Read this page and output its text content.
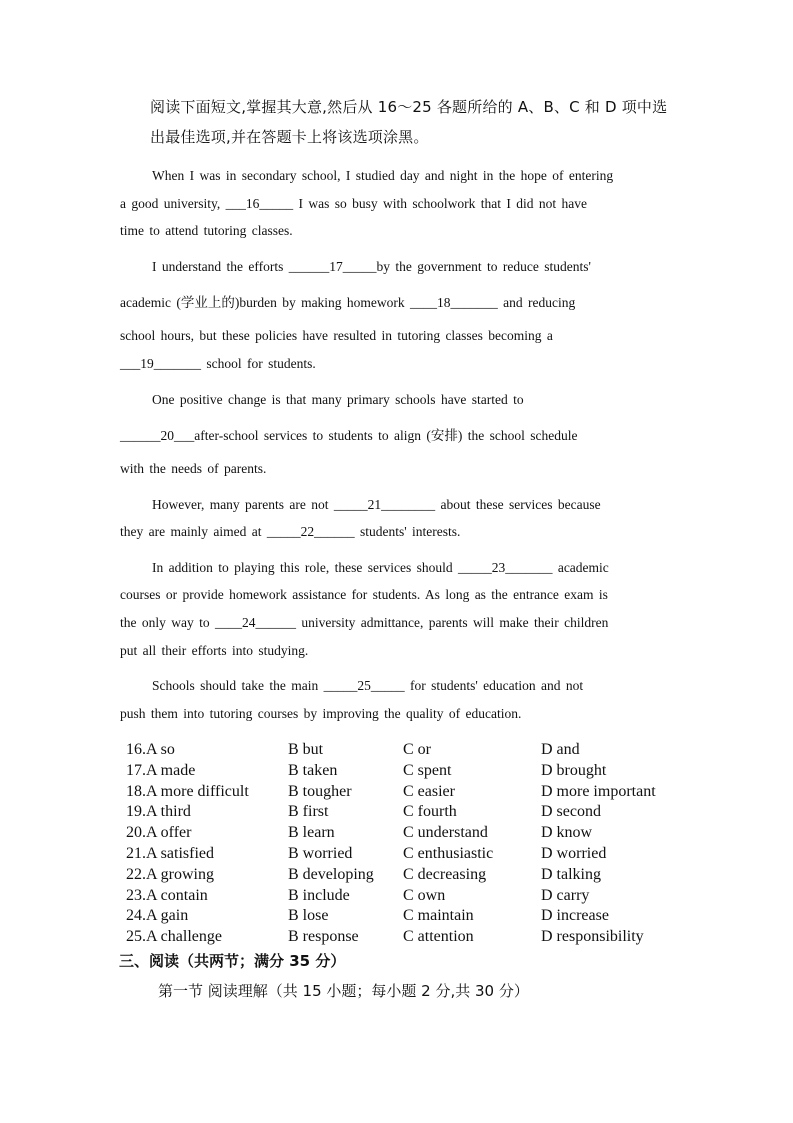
阅读下面短文,掌握其大意,然后从 16～25 各题所给的 A、B、C 和 D 项中选
出最佳选项,并在答题卡上将该选项涂黑。
When I was in secondary school, I studied day and night in the hope of entering
a good university, ___16_____ I was so busy with schoolwork that I did not have
time to attend tutoring classes.
I understand the efforts ______17_____by the government to reduce students'
academic (学业上的)burden by making homework ____18_______ and reducing
school hours, but these policies have resulted in tutoring classes becoming a
___19_______ school for students.
One positive change is that many primary schools have started to
______20___after-school services to students to align (安排) the school schedule
with the needs of parents.
However, many parents are not _____21________ about these services because
they are mainly aimed at _____22______ students' interests.
In addition to playing this role, these services should _____23_______ academic
courses or provide homework assistance for students. As long as the entrance exam is
the only way to ____24______ university admittance, parents will make their children
put all their efforts into studying.
Schools should take the main _____25_____ for students' education and not
push them into tutoring courses by improving the quality of education.
16.A so	B but	C or	D and
17.A made	B taken	C spent	D brought
18.A more difficult B tougher	C easier	D more important
19.A third	B first	C fourth	D second
20.A offer	B learn	C understand	D know
21.A satisfied	B worried	C enthusiastic	D worried
22.A growing	B developing C decreasing	D talking
23.A contain	B include	C own	D carry
24.A gain	B lose	C maintain	D increase
25.A challenge	B response	C attention	D responsibility
三、阅读（共两节；满分 35 分）
第一节 阅读理解（共 15 小题；每小题 2 分,共 30 分）
